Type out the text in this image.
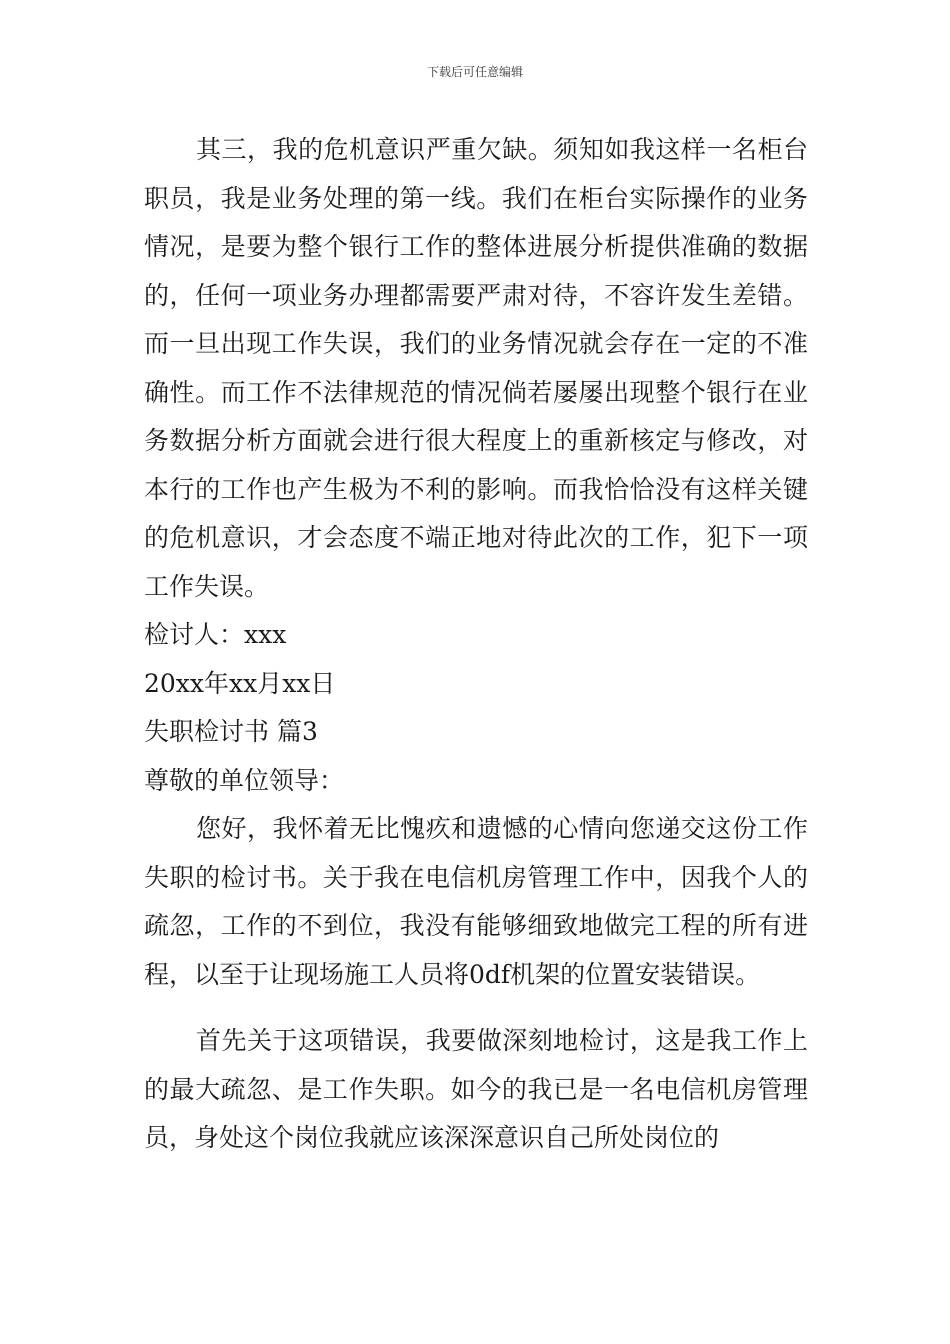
下载后可任意编辑

其三，我的危机意识严重欠缺。须知如我这样一名柜台职员，我是业务处理的第一线。我们在柜台实际操作的业务情况，是要为整个银行工作的整体进展分析提供准确的数据的，任何一项业务办理都需要严肃对待，不容许发生差错。而一旦出现工作失误，我们的业务情况就会存在一定的不准确性。而工作不法律规范的情况倘若屡屡出现整个银行在业务数据分析方面就会进行很大程度上的重新核定与修改，对本行的工作也产生极为不利的影响。而我恰恰没有这样关键的危机意识，才会态度不端正地对待此次的工作，犯下一项工作失误。

检讨人：xxx

20xx年xx月xx日

失职检讨书 篇3

尊敬的单位领导：

您好，我怀着无比愧疚和遗憾的心情向您递交这份工作失职的检讨书。关于我在电信机房管理工作中，因我个人的疏忽，工作的不到位，我没有能够细致地做完工程的所有进程，以至于让现场施工人员将0df机架的位置安装错误。

首先关于这项错误，我要做深刻地检讨，这是我工作上的最大疏忽、是工作失职。如今的我已是一名电信机房管理员，身处这个岗位我就应该深深意识自己所处岗位的
